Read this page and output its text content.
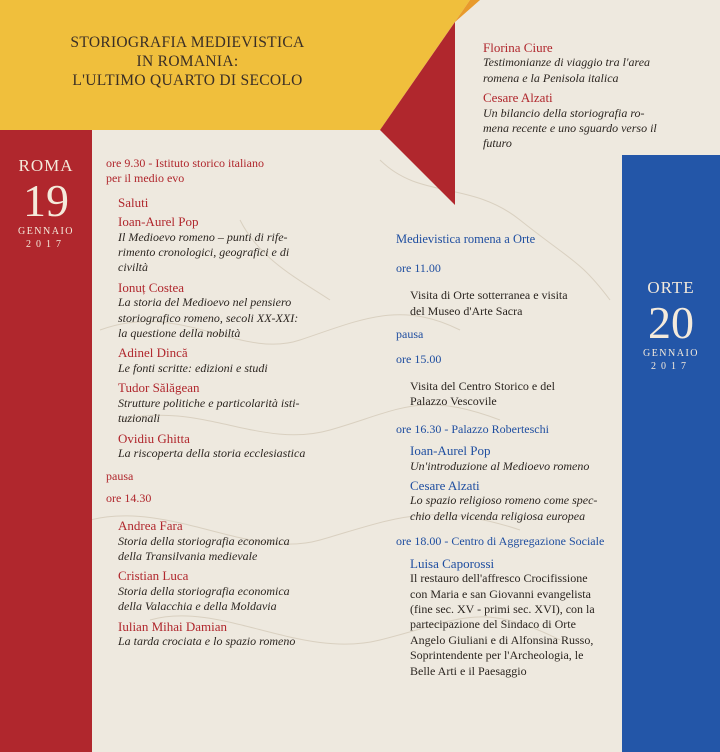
STORIOGRAFIA MEDIEVISTICA
IN ROMANIA:
L'ULTIMO QUARTO DI SECOLO
ROMA
19
GENNAIO
2017
ORTE
20
GENNAIO
2017
Florina Ciure
Testimonianze di viaggio tra l'area
romena e la Penisola italica
Cesare Alzati
Un bilancio della storiografia ro-
mena recente e uno sguardo verso il
futuro
ore 9.30 - Istituto storico italiano
per il medio evo
Saluti
Ioan-Aurel Pop
Il Medioevo romeno – punti di rife-
rimento cronologici, geografici e di
civiltà
Ionuț Costea
La storia del Medioevo nel pensiero
storiografico romeno, secoli XX-XXI:
la questione della nobiltà
Adinel Dincă
Le fonti scritte: edizioni e studi
Tudor Sălăgean
Strutture politiche e particolarità isti-
tuzionali
Ovidiu Ghitta
La riscoperta della storia ecclesiastica
pausa
ore 14.30
Andrea Fara
Storia della storiografia economica
della Transilvania medievale
Cristian Luca
Storia della storiografia economica
della Valacchia e della Moldavia
Iulian Mihai Damian
La tarda crociata e lo spazio romeno
Medievistica romena a Orte
ore 11.00
Visita di Orte sotterranea e visita
del Museo d'Arte Sacra
pausa
ore 15.00
Visita del Centro Storico e del
Palazzo Vescovile
ore 16.30 - Palazzo Roberteschi
Ioan-Aurel Pop
Un'introduzione al Medioevo romeno
Cesare Alzati
Lo spazio religioso romeno come spec-
chio della vicenda religiosa europea
ore 18.00 - Centro di Aggregazione Sociale
Luisa Caporossi
Il restauro dell'affresco Crocifissione
con Maria e san Giovanni evangelista
(fine sec. XV - primi sec. XVI), con la
partecipazione del Sindaco di Orte
Angelo Giuliani e di Alfonsina Russo,
Soprintendente per l'Archeologia, le
Belle Arti e il Paesaggio
